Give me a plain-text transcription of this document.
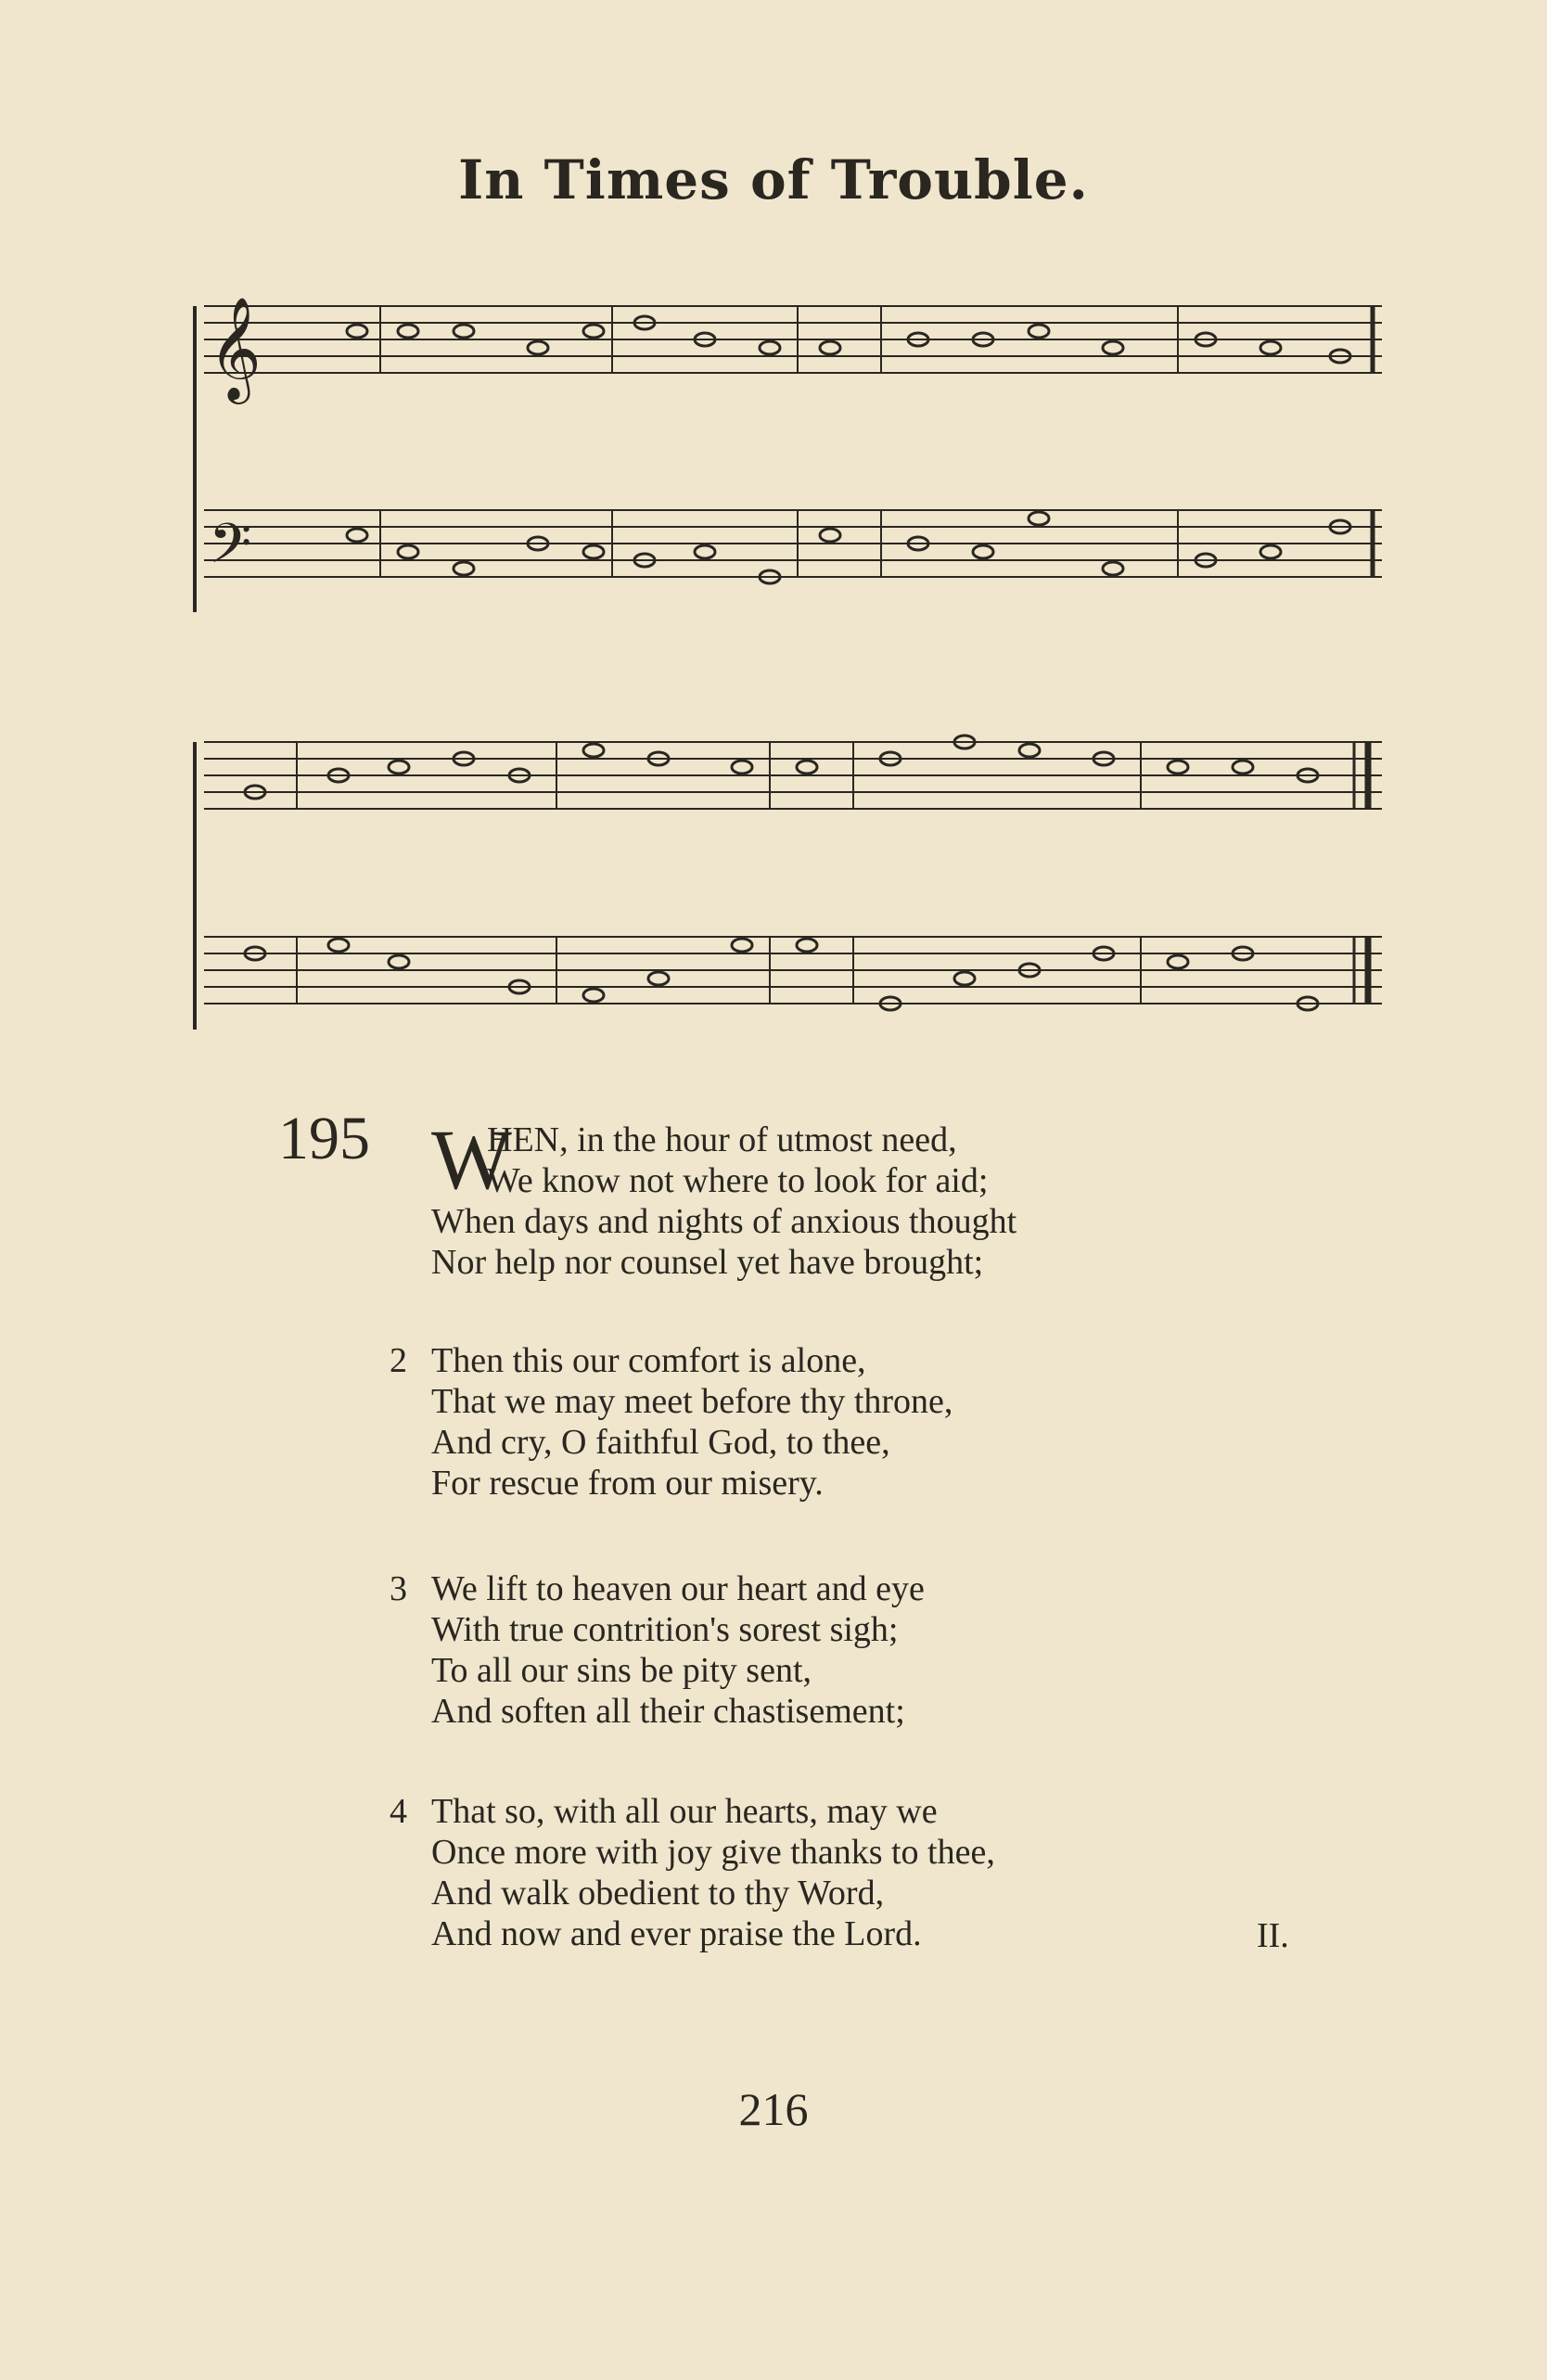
In Times of Trouble.
𝄞
𝄢
195 W
HEN, in the hour of utmost need,
We know not where to look for aid;
When days and nights of anxious thought
Nor help nor counsel yet have brought;
2 Then this our comfort is alone,
That we may meet before thy throne,
And cry, O faithful God, to thee,
For rescue from our misery.
3 We lift to heaven our heart and eye
With true contrition's sorest sigh;
To all our sins be pity sent,
And soften all their chastisement;
4 That so, with all our hearts, may we
Once more with joy give thanks to thee,
And walk obedient to thy Word,
And now and ever praise the Lord.	II.
216
